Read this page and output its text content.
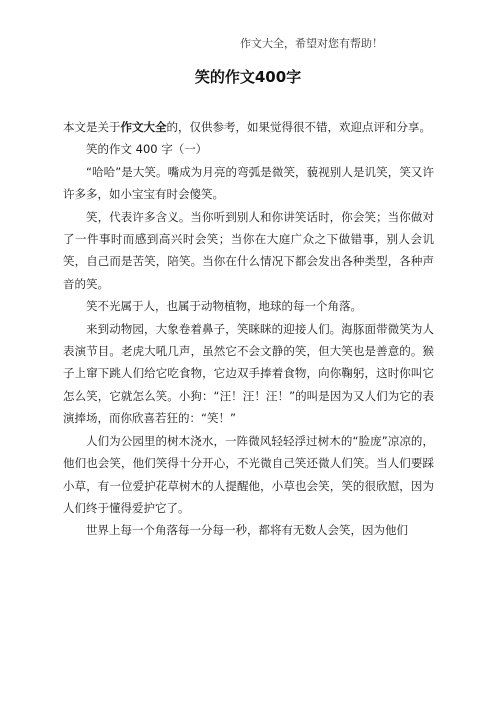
作文大全，希望对您有帮助！
笑的作文400字

本文是关于作文大全的，仅供参考，如果觉得很不错，欢迎点评和分享。

笑的作文 400 字（一）

“哈哈”是大笑。嘴成为月亮的弯弧是微笑，藐视别人是讥笑，笑又许许多多，如小宝宝有时会傻笑。

笑，代表许多含义。当你听到别人和你讲笑话时，你会笑；当你做对了一件事时而感到高兴时会笑；当你在大庭广众之下做错事，别人会讥笑，自己而是苦笑，陪笑。当你在什么情况下都会发出各种类型，各种声音的笑。

笑不光属于人，也属于动物植物，地球的每一个角落。

来到动物园，大象卷着鼻子，笑眯眯的迎接人们。海豚面带微笑为人表演节目。老虎大吼几声，虽然它不会文静的笑，但大笑也是善意的。猴子上窜下跳人们给它吃食物，它边双手捧着食物，向你鞠躬，这时你叫它怎么笑，它就怎么笑。小狗：“汪！汪！汪！”的叫是因为又人们为它的表演捧场，而你欣喜若狂的：“笑！”

人们为公园里的树木浇水，一阵微风轻轻浮过树木的“脸庞”凉凉的，他们也会笑，他们笑得十分开心，不光微自己笑还微人们笑。当人们要踩小草，有一位爱护花草树木的人提醒他，小草也会笑，笑的很欣慰，因为人们终于懂得爱护它了。

世界上每一个角落每一分每一秒，都将有无数人会笑，因为他们
